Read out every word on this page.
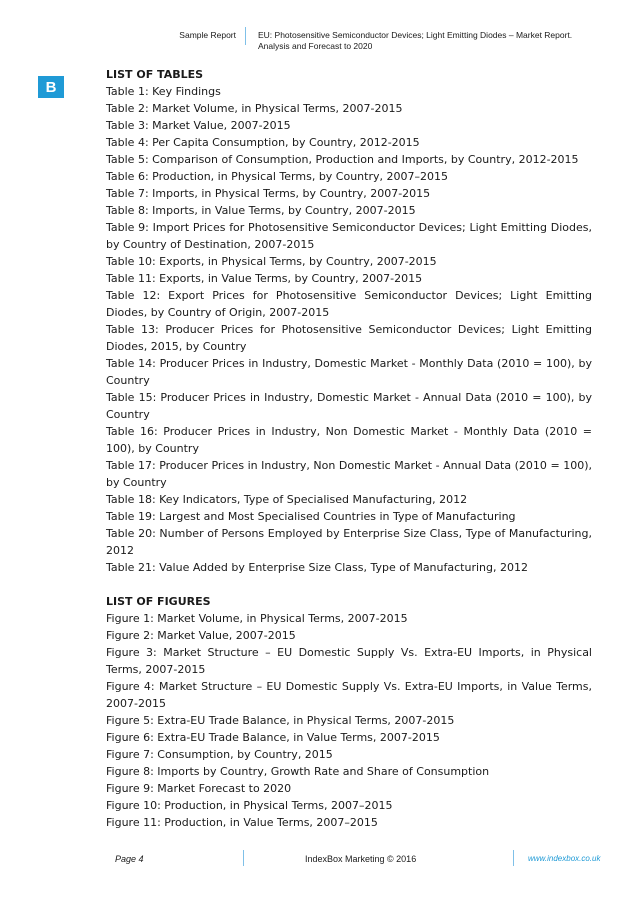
Sample Report	EU: Photosensitive Semiconductor Devices; Light Emitting Diodes – Market Report. Analysis and Forecast to 2020
B
LIST OF TABLES
Table 1: Key Findings
Table 2: Market Volume, in Physical Terms, 2007-2015
Table 3: Market Value, 2007-2015
Table 4: Per Capita Consumption, by Country, 2012-2015
Table 5: Comparison of Consumption, Production and Imports, by Country, 2012-2015
Table 6: Production, in Physical Terms, by Country, 2007–2015
Table 7: Imports, in Physical Terms, by Country, 2007-2015
Table 8: Imports, in Value Terms, by Country, 2007-2015
Table 9: Import Prices for Photosensitive Semiconductor Devices; Light Emitting Diodes, by Country of Destination, 2007-2015
Table 10: Exports, in Physical Terms, by Country, 2007-2015
Table 11: Exports, in Value Terms, by Country, 2007-2015
Table 12: Export Prices for Photosensitive Semiconductor Devices; Light Emitting Diodes, by Country of Origin, 2007-2015
Table 13: Producer Prices for Photosensitive Semiconductor Devices; Light Emitting Diodes, 2015, by Country
Table 14: Producer Prices in Industry, Domestic Market - Monthly Data (2010 = 100), by Country
Table 15: Producer Prices in Industry, Domestic Market - Annual Data (2010 = 100), by Country
Table 16: Producer Prices in Industry, Non Domestic Market - Monthly Data (2010 = 100), by Country
Table 17: Producer Prices in Industry, Non Domestic Market - Annual Data (2010 = 100), by Country
Table 18: Key Indicators, Type of Specialised Manufacturing, 2012
Table 19: Largest and Most Specialised Countries in Type of Manufacturing
Table 20: Number of Persons Employed by Enterprise Size Class, Type of Manufacturing, 2012
Table 21: Value Added by Enterprise Size Class, Type of Manufacturing, 2012
LIST OF FIGURES
Figure 1: Market Volume, in Physical Terms, 2007-2015
Figure 2: Market Value, 2007-2015
Figure 3: Market Structure – EU Domestic Supply Vs. Extra-EU Imports, in Physical Terms, 2007-2015
Figure 4: Market Structure – EU Domestic Supply Vs. Extra-EU Imports, in Value Terms, 2007-2015
Figure 5: Extra-EU Trade Balance, in Physical Terms, 2007-2015
Figure 6: Extra-EU Trade Balance, in Value Terms, 2007-2015
Figure 7: Consumption, by Country, 2015
Figure 8: Imports by Country, Growth Rate and Share of Consumption
Figure 9: Market Forecast to 2020
Figure 10: Production, in Physical Terms, 2007–2015
Figure 11: Production, in Value Terms, 2007–2015
Page 4	IndexBox Marketing © 2016	www.indexbox.co.uk
